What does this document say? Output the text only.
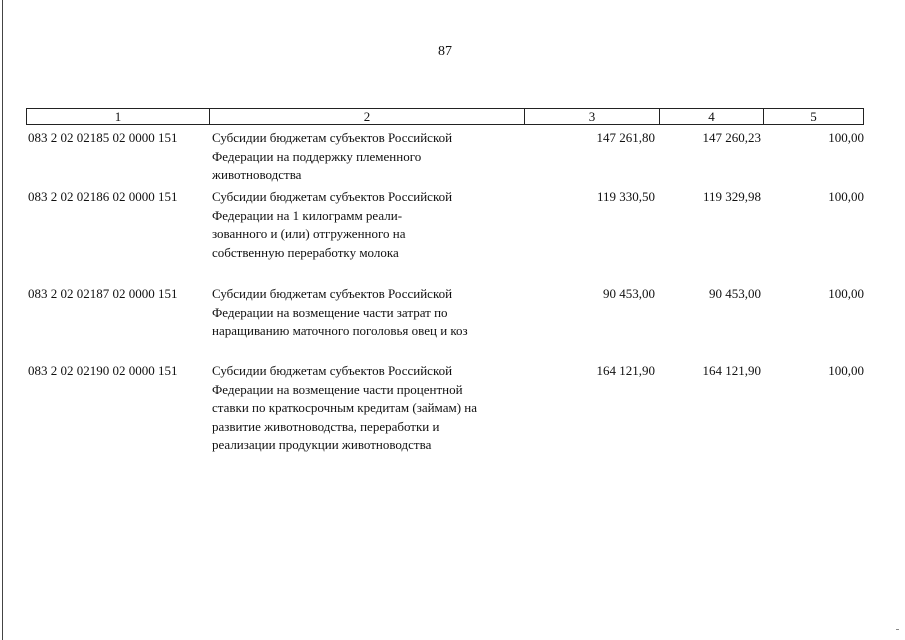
87
1	2	3	4	5
083 2 02 02185 02 0000 151	Субсидии бюджетам субъектов Российской
Федерации на поддержку племенного
животноводства
147 261,80	147 260,23	100,00
083 2 02 02186 02 0000 151	Субсидии бюджетам субъектов Российской
Федерации на 1 килограмм реали-
зованного и (или) отгруженного на
собственную переработку молока
119 330,50	119 329,98	100,00
083 2 02 02187 02 0000 151	Субсидии бюджетам субъектов Российской
Федерации на возмещение части затрат по
наращиванию маточного поголовья овец и коз
90 453,00	90 453,00	100,00
083 2 02 02190 02 0000 151	Субсидии бюджетам субъектов Российской
Федерации на возмещение части процентной
ставки по краткосрочным кредитам (займам) на
развитие животноводства, переработки и
реализации продукции животноводства
164 121,90	164 121,90	100,00
